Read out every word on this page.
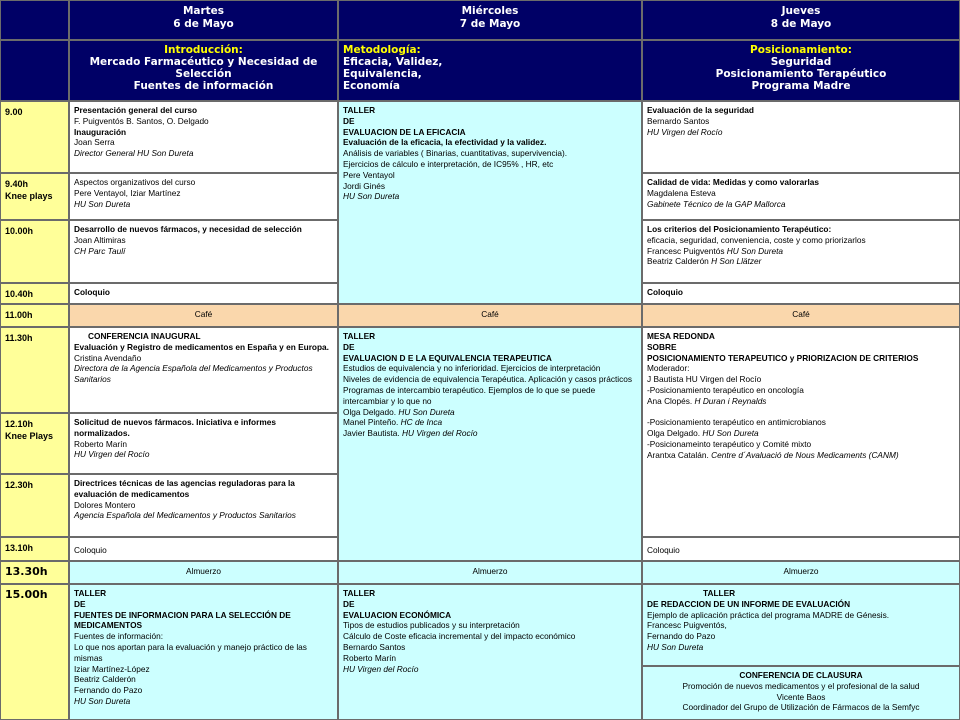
Martes
6 de Mayo
Miércoles
7 de Mayo
Jueves
8 de Mayo
Introducción:
Mercado Farmacéutico y Necesidad de
Selección
Fuentes de información
Metodología:
Eficacia, Validez,
Equivalencia,
Economía
Posicionamiento:
Seguridad
Posicionamiento Terapéutico
Programa Madre
9.00
9.40h
Knee plays
10.00h
10.40h
11.00h
11.30h
12.10h
Knee Plays
12.30h
13.10h
13.30h
15.00h
Presentación general del curso
F. Puigventós B. Santos, O. Delgado
Inauguración
Joan Serra
Director General HU Son Dureta
Aspectos organizativos del curso
Pere Ventayol, Iziar Martínez
HU Son Dureta
Desarrollo de nuevos fármacos, y necesidad de selección
Joan Altimiras
CH Parc Taulí
Coloquio
Café
CONFERENCIA INAUGURAL
Evaluación y Registro de medicamentos en España y en Europa.
Cristina Avendaño
Directora de la Agencia Española del Medicamentos y Productos Sanitarios
Solicitud de nuevos fármacos. Iniciativa e informes normalizados.
Roberto Marín
HU Virgen del Rocío
Directrices técnicas de las agencias reguladoras para la evaluación de medicamentos
Dolores Montero
Agencia Española del Medicamentos y Productos Sanitarios
Coloquio
Almuerzo
TALLER
DE
FUENTES DE INFORMACION PARA LA SELECCIÓN DE MEDICAMENTOS
Fuentes de información:
Lo que nos aportan para la evaluación y manejo práctico de las mismas
Iziar Martínez-López
Beatriz Calderón
Fernando do Pazo
HU Son Dureta
TALLER
DE
EVALUACION DE LA EFICACIA
Evaluación de la eficacia, la efectividad y la validez.
Análisis de variables ( Binarias, cuantitativas, supervivencia).
Ejercicios de cálculo e interpretación, de IC95% , HR, etc
Pere Ventayol
Jordi Ginés
HU Son Dureta
Café
TALLER
DE
EVALUACION D E LA EQUIVALENCIA TERAPEUTICA
Estudios de equivalencia y no inferioridad. Ejercicios de interpretación
Niveles de evidencia de equivalencia Terapéutica. Aplicación y casos prácticos
Programas de intercambio terapéutico. Ejemplos de lo que se puede intercambiar y lo que no
Olga Delgado. HU Son Dureta
Manel Pinteño. HC de Inca
Javier Bautista. HU Virgen del Rocío
Almuerzo
TALLER
DE
EVALUACION ECONÓMICA
Tipos de estudios publicados y su interpretación
Cálculo de Coste eficacia incremental y del impacto económico
Bernardo Santos
Roberto Marín
HU Virgen del Rocío
Evaluación de la seguridad
Bernardo Santos
HU Virgen del Rocío
Calidad de vida: Medidas y como valorarlas
Magdalena Esteva
Gabinete Técnico de la GAP Mallorca
Los criterios del Posicionamiento Terapéutico:
eficacia, seguridad, conveniencia, coste y como priorizarlos
Francesc Puigventós HU Son Dureta
Beatriz Calderón H Son Llätzer
Coloquio
Café
MESA REDONDA
SOBRE
POSICIONAMIENTO TERAPEUTICO y PRIORIZACION DE CRITERIOS
Moderador:
J Bautista HU Virgen del Rocío
-Posicionamiento terapéutico en oncología
Ana Clopés. H Duran i Reynalds

-Posicionamiento terapéutico en antimicrobianos
Olga Delgado. HU Son Dureta
-Posicionameinto terapéutico y Comité mixto
Arantxa Catalán. Centre d´Avaluació de Nous Medicaments (CANM)
Coloquio
Almuerzo
TALLER
DE REDACCION DE UN INFORME DE EVALUACIÓN
Ejemplo de aplicación práctica del programa MADRE de Génesis.
Francesc Puigventós,
Fernando do Pazo
HU Son Dureta
CONFERENCIA DE CLAUSURA
Promoción de nuevos medicamentos y el profesional de la salud
Vicente Baos
Coordinador del Grupo de Utilización de Fármacos de la Semfyc
